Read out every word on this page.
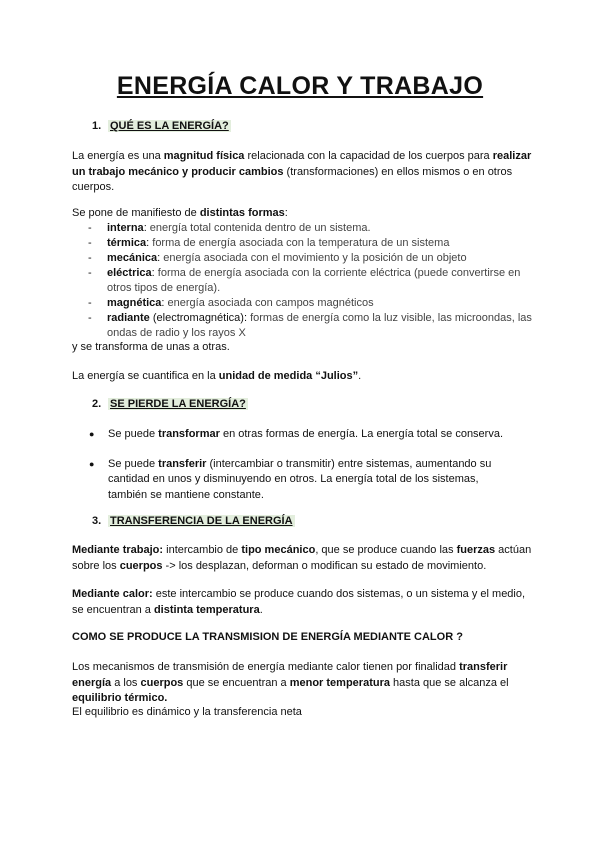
ENERGÍA CALOR Y TRABAJO
1. QUÉ ES LA ENERGÍA?
La energía es una magnitud física relacionada con la capacidad de los cuerpos para realizar un trabajo mecánico y producir cambios (transformaciones) en ellos mismos o en otros cuerpos.
Se pone de manifiesto de distintas formas:
- interna: energía total contenida dentro de un sistema.
- térmica: forma de energía asociada con la temperatura de un sistema
- mecánica: energía asociada con el movimiento y la posición de un objeto
- eléctrica: forma de energía asociada con la corriente eléctrica (puede convertirse en otros tipos de energía).
- magnética: energía asociada con campos magnéticos
- radiante (electromagnética): formas de energía como la luz visible, las microondas, las ondas de radio y los rayos X
y se transforma de unas a otras.
La energía se cuantifica en la unidad de medida “Julios”.
2. SE PIERDE LA ENERGÍA?
● Se puede transformar en otras formas de energía. La energía total se conserva.
● Se puede transferir (intercambiar o transmitir) entre sistemas, aumentando su cantidad en unos y disminuyendo en otros. La energía total de los sistemas, también se mantiene constante.
3. TRANSFERENCIA DE LA ENERGÍA
Mediante trabajo: intercambio de tipo mecánico, que se produce cuando las fuerzas actúan sobre los cuerpos -> los desplazan, deforman o modifican su estado de movimiento.
Mediante calor: este intercambio se produce cuando dos sistemas, o un sistema y el medio, se encuentran a distinta temperatura.
COMO SE PRODUCE LA TRANSMISION DE ENERGÍA MEDIANTE CALOR ?
Los mecanismos de transmisión de energía mediante calor tienen por finalidad transferir energía a los cuerpos que se encuentran a menor temperatura hasta que se alcanza el equilibrio térmico.
El equilibrio es dinámico y la transferencia neta
